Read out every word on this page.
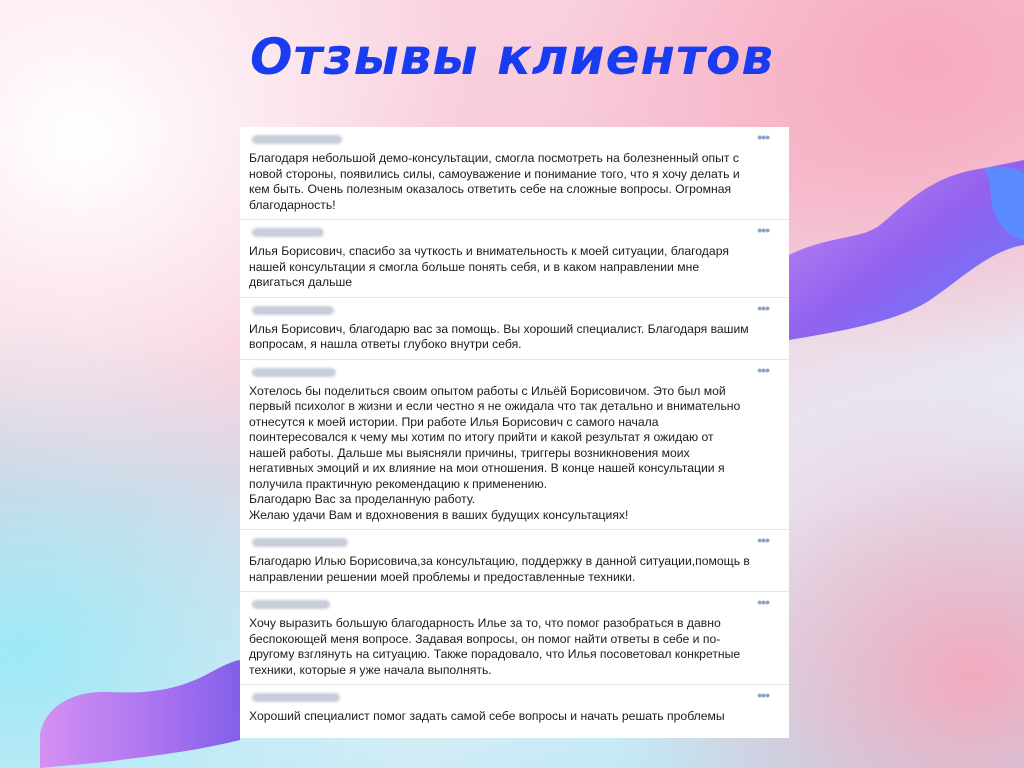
Отзывы клиентов
•••
Благодаря небольшой демо-консультации, смогла посмотреть на болезненный опыт с
новой стороны, появились силы, самоуважение и понимание того, что я хочу делать и
кем быть. Очень полезным оказалось ответить себе на сложные вопросы. Огромная
благодарность!
•••
Илья Борисович, спасибо за чуткость и внимательность к моей ситуации, благодаря
нашей консультации я смогла больше понять себя, и в каком направлении мне
двигаться дальше
•••
Илья Борисович, благодарю вас за помощь. Вы хороший специалист. Благодаря вашим
вопросам, я нашла ответы глубоко внутри себя.
•••
Хотелось бы поделиться своим опытом работы с Ильёй Борисовичом. Это был мой
первый психолог в жизни и если честно я не ожидала что так детально и внимательно
отнесутся к моей истории. При работе Илья Борисович с самого начала
поинтересовался к чему мы хотим по итогу прийти и какой результат я ожидаю от
нашей работы. Дальше мы выясняли причины, триггеры возникновения моих
негативных эмоций и их влияние на мои отношения. В конце нашей консультации я
получила практичную рекомендацию к применению.
Благодарю Вас за проделанную работу.
Желаю удачи Вам и вдохновения в ваших будущих консультациях!
•••
Благодарю Илью Борисовича,за консультацию, поддержку в данной ситуации,помощь в
направлении решении моей проблемы и предоставленные техники.
•••
Хочу выразить большую благодарность Илье за то, что помог разобраться в давно
беспокоющей меня вопросе. Задавая вопросы, он помог найти ответы в себе и по-
другому взглянуть на ситуацию. Также порадовало, что Илья посоветовал конкретные
техники, которые я уже начала выполнять.
•••
Хороший специалист помог задать самой себе вопросы и начать решать проблемы
